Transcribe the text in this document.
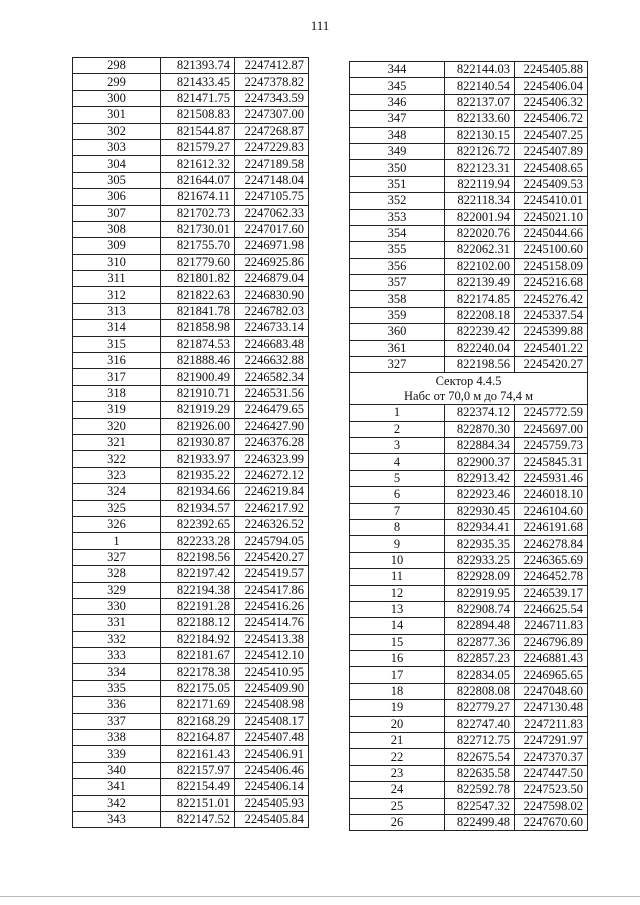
111
298	821393.74	2247412.87
299	821433.45	2247378.82
300	821471.75	2247343.59
301	821508.83	2247307.00
302	821544.87	2247268.87
303	821579.27	2247229.83
304	821612.32	2247189.58
305	821644.07	2247148.04
306	821674.11	2247105.75
307	821702.73	2247062.33
308	821730.01	2247017.60
309	821755.70	2246971.98
310	821779.60	2246925.86
311	821801.82	2246879.04
312	821822.63	2246830.90
313	821841.78	2246782.03
314	821858.98	2246733.14
315	821874.53	2246683.48
316	821888.46	2246632.88
317	821900.49	2246582.34
318	821910.71	2246531.56
319	821919.29	2246479.65
320	821926.00	2246427.90
321	821930.87	2246376.28
322	821933.97	2246323.99
323	821935.22	2246272.12
324	821934.66	2246219.84
325	821934.57	2246217.92
326	822392.65	2246326.52
1	822233.28	2245794.05
327	822198.56	2245420.27
328	822197.42	2245419.57
329	822194.38	2245417.86
330	822191.28	2245416.26
331	822188.12	2245414.76
332	822184.92	2245413.38
333	822181.67	2245412.10
334	822178.38	2245410.95
335	822175.05	2245409.90
336	822171.69	2245408.98
337	822168.29	2245408.17
338	822164.87	2245407.48
339	822161.43	2245406.91
340	822157.97	2245406.46
341	822154.49	2245406.14
342	822151.01	2245405.93
343	822147.52	2245405.84
344	822144.03	2245405.88
345	822140.54	2245406.04
346	822137.07	2245406.32
347	822133.60	2245406.72
348	822130.15	2245407.25
349	822126.72	2245407.89
350	822123.31	2245408.65
351	822119.94	2245409.53
352	822118.34	2245410.01
353	822001.94	2245021.10
354	822020.76	2245044.66
355	822062.31	2245100.60
356	822102.00	2245158.09
357	822139.49	2245216.68
358	822174.85	2245276.42
359	822208.18	2245337.54
360	822239.42	2245399.88
361	822240.04	2245401.22
327	822198.56	2245420.27
Сектор 4.4.5		
Набс от 70,0 м до 74,4 м		
1	822374.12	2245772.59
2	822870.30	2245697.00
3	822884.34	2245759.73
4	822900.37	2245845.31
5	822913.42	2245931.46
6	822923.46	2246018.10
7	822930.45	2246104.60
8	822934.41	2246191.68
9	822935.35	2246278.84
10	822933.25	2246365.69
11	822928.09	2246452.78
12	822919.95	2246539.17
13	822908.74	2246625.54
14	822894.48	2246711.83
15	822877.36	2246796.89
16	822857.23	2246881.43
17	822834.05	2246965.65
18	822808.08	2247048.60
19	822779.27	2247130.48
20	822747.40	2247211.83
21	822712.75	2247291.97
22	822675.54	2247370.37
23	822635.58	2247447.50
24	822592.78	2247523.50
25	822547.32	2247598.02
26	822499.48	2247670.60
